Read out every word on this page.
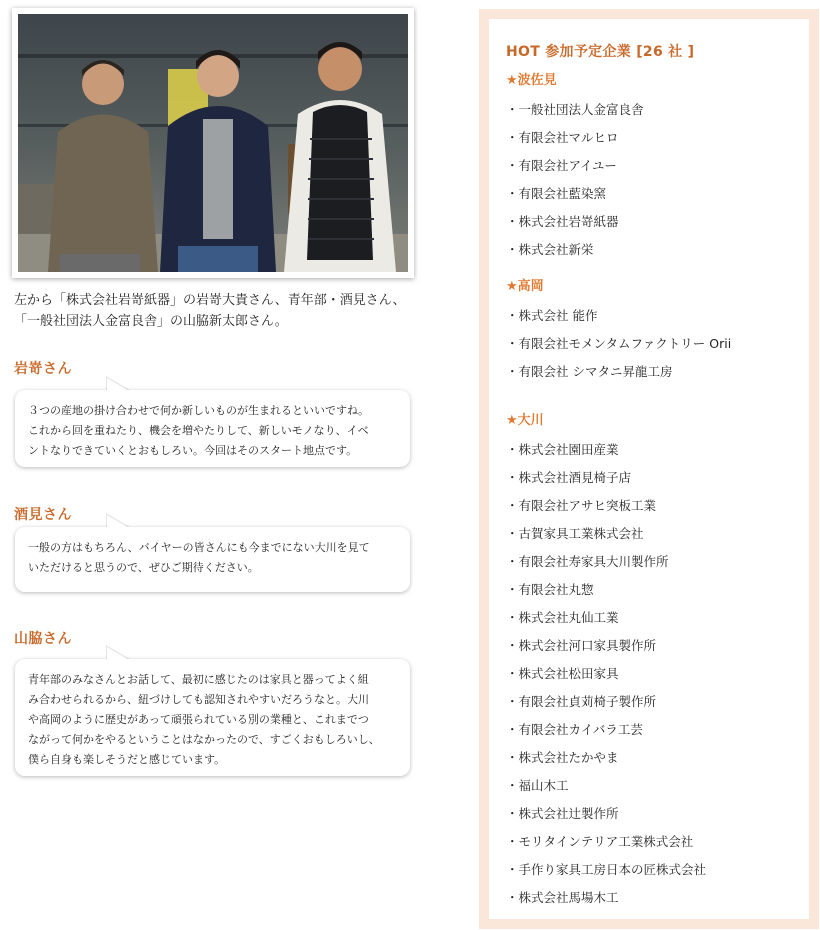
左から「株式会社岩嵜紙器」の岩嵜大貴さん、青年部・酒見さん、
「一般社団法人金富良舎」の山脇新太郎さん。
岩嵜さん
３つの産地の掛け合わせで何か新しいものが生まれるといいですね。
これから回を重ねたり、機会を増やたりして、新しいモノなり、イベ
ントなりできていくとおもしろい。今回はそのスタート地点です。
酒見さん
一般の方はもちろん、バイヤーの皆さんにも今までにない大川を見て
いただけると思うので、ぜひご期待ください。
山脇さん
青年部のみなさんとお話して、最初に感じたのは家具と器ってよく組
み合わせられるから、紐づけしても認知されやすいだろうなと。大川
や高岡のように歴史があって頑張られている別の業種と、これまでつ
ながって何かをやるということはなかったので、すごくおもしろいし、
僕ら自身も楽しそうだと感じています。
HOT 参加予定企業 [26 社 ]
★波佐見
・ 一般社団法人金富良舎
・ 有限会社マルヒロ
・ 有限会社アイユー
・ 有限会社藍染窯
・ 株式会社岩嵜紙器
・ 株式会社新栄
★高岡
・ 株式会社 能作
・ 有限会社モメンタムファクトリー Orii
・ 有限会社 シマタニ昇龍工房
★大川
・ 株式会社園田産業
・ 株式会社酒見椅子店
・ 有限会社アサヒ突板工業
・ 古賀家具工業株式会社
・ 有限会社寿家具大川製作所
・ 有限会社丸惣
・ 株式会社丸仙工業
・ 株式会社河口家具製作所
・ 株式会社松田家具
・ 有限会社貞苅椅子製作所
・ 有限会社カイバラ工芸
・ 株式会社たかやま
・ 福山木工
・ 株式会社辻製作所
・ モリタインテリア工業株式会社
・ 手作り家具工房日本の匠株式会社
・ 株式会社馬場木工
